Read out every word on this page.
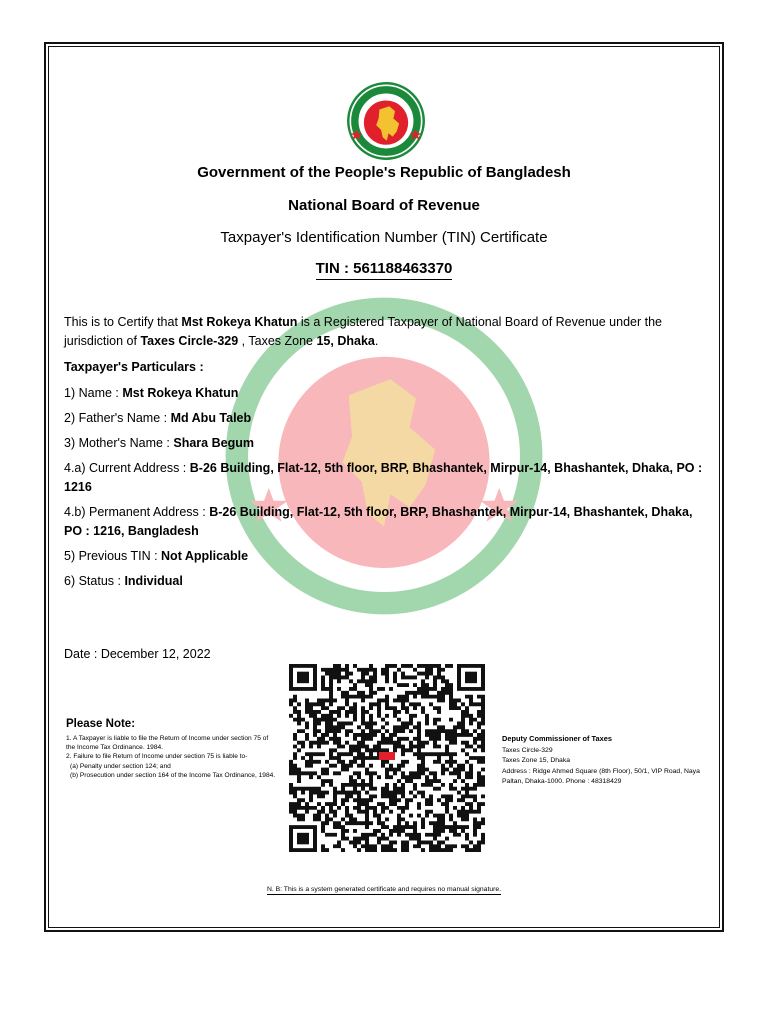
Government of the People's Republic of Bangladesh
National Board of Revenue
Taxpayer's Identification Number (TIN) Certificate
TIN : 561188463370
This is to Certify that Mst Rokeya Khatun is a Registered Taxpayer of National Board of Revenue under the jurisdiction of Taxes Circle-329 , Taxes Zone 15, Dhaka.
Taxpayer's Particulars :
1) Name : Mst Rokeya Khatun
2) Father's Name : Md Abu Taleb
3) Mother's Name : Shara Begum
4.a) Current Address : B-26 Building, Flat-12, 5th floor, BRP, Bhashantek, Mirpur-14, Bhashantek, Dhaka, PO : 1216
4.b) Permanent Address : B-26 Building, Flat-12, 5th floor, BRP, Bhashantek, Mirpur-14, Bhashantek, Dhaka, PO : 1216, Bangladesh
5) Previous TIN : Not Applicable
6) Status : Individual
Date : December 12, 2022
Please Note:
1. A Taxpayer is liable to file the Return of Income under section 75 of the Income Tax Ordinance. 1984.
2. Failure to file Return of Income under section 75 is liable to-
(a) Penalty under section 124; and
(b) Prosecution under section 164 of the Income Tax Ordinance, 1984.
Deputy Commissioner of Taxes
Taxes Circle-329
Taxes Zone 15, Dhaka
Address : Ridge Ahmed Square (8th Floor), 50/1, VIP Road, Naya Paltan, Dhaka-1000. Phone : 48318429
N. B: This is a system generated certificate and requires no manual signature.
